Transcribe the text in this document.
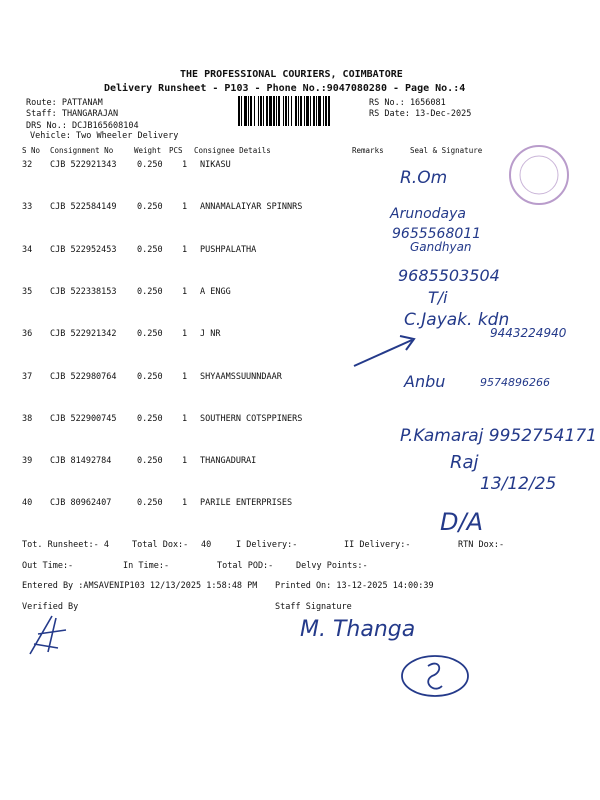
THE PROFESSIONAL COURIERS, COIMBATORE
Delivery Runsheet - P103 - Phone No.:9047080280 - Page No.:4
Route: PATTANAM
Staff: THANGARAJAN
DRS No.: DCJB165608104
Vehicle: Two Wheeler Delivery
RS No.: 1656081
RS Date: 13-Dec-2025
S No Consignment No	Weight PCS Consignee Details	Remarks	Seal & Signature
32 CJB 522921343 0.250 1 NIKASU
33 CJB 522584149 0.250 1 ANNAMALAIYAR SPINNRS
34 CJB 522952453 0.250 1 PUSHPALATHA
35 CJB 522338153 0.250 1 A ENGG
36 CJB 522921342 0.250 1 J NR
37 CJB 522980764 0.250 1 SHYAAMSSUUNNDAAR
38 CJB 522900745 0.250 1 SOUTHERN COTSPPINERS
39 CJB 81492784	0.250 1 THANGADURAI
40 CJB 80962407	0.250 1 PARILE ENTERPRISES
Tot. Runsheet:- 4	Total Dox:- 40	I Delivery:-	II Delivery:-	RTN Dox:-
Out Time:-	In Time:-	Total POD:-	Delvy Points:-
Entered By :AMSAVENIP103 12/13/2025 1:58:48 PM Printed On: 13-12-2025 14:00:39
Verified By	Staff Signature
R.Om
Arunodaya
9655568011
Gandhyan
9685503504
T/i
C.Jayak. kdn
9443224940
Anbu	9574896266
P.Kamaraj 9952754171
Raj
13/12/25
D/A
M. Thanga
